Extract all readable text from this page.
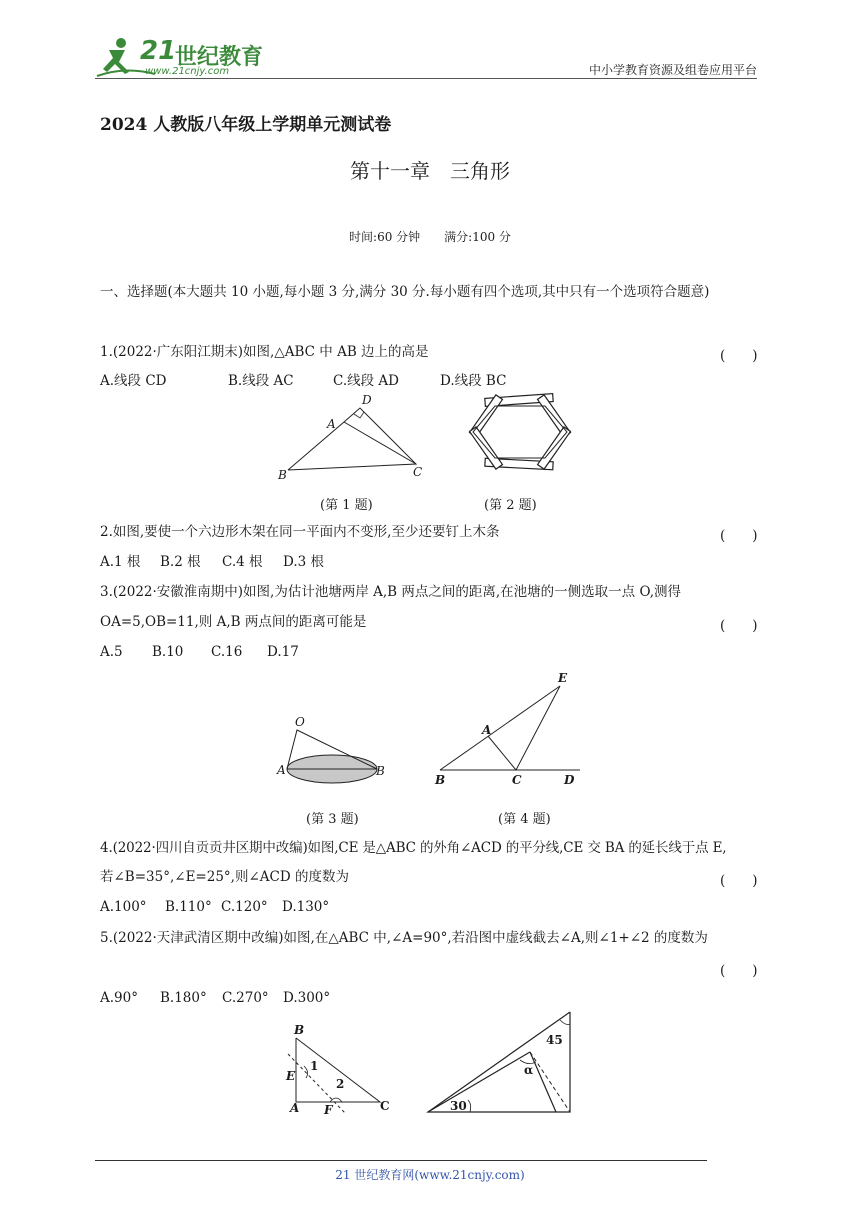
21
世纪教育
www.21cnjy.com	中小学教育资源及组卷应用平台
2024 人教版八年级上学期单元测试卷
第十一章　三角形
时间:60 分钟　　满分:100 分
一、选择题(本大题共 10 小题,每小题 3 分,满分 30 分.每小题有四个选项,其中只有一个选项符合题意)
1.(2022·广东阳江期末)如图,△ABC 中 AB 边上的高是	(　　)
A.线段 CD	B.线段 AC	C.线段 AD	D.线段 BC
D
A
B	C
(第 1 题)	(第 2 题)
2.如图,要使一个六边形木架在同一平面内不变形,至少还要钉上木条	(　　)
A.1 根 B.2 根 C.4 根 D.3 根
3.(2022·安徽淮南期中)如图,为估计池塘两岸 A,B 两点之间的距离,在池塘的一侧选取一点 O,测得
OA=5,OB=11,则 A,B 两点间的距离可能是	(　　)
A.5 B.10 C.16 D.17
O
A	B
(第 3 题)
E
A
B	C	D
(第 4 题)
4.(2022·四川自贡贡井区期中改编)如图,CE 是△ABC 的外角∠ACD 的平分线,CE 交 BA 的延长线于点 E,
若∠B=35°,∠E=25°,则∠ACD 的度数为	(　　)
A.100° B.110° C.120° D.130°
5.(2022·天津武清区期中改编)如图,在△ABC 中,∠A=90°,若沿图中虚线截去∠A,则∠1+∠2 的度数为
(　　)
A.90° B.180° C.270° D.300°
B
E
A F	C
1
2
45
α
30
21 世纪教育网(www.21cnjy.com)
